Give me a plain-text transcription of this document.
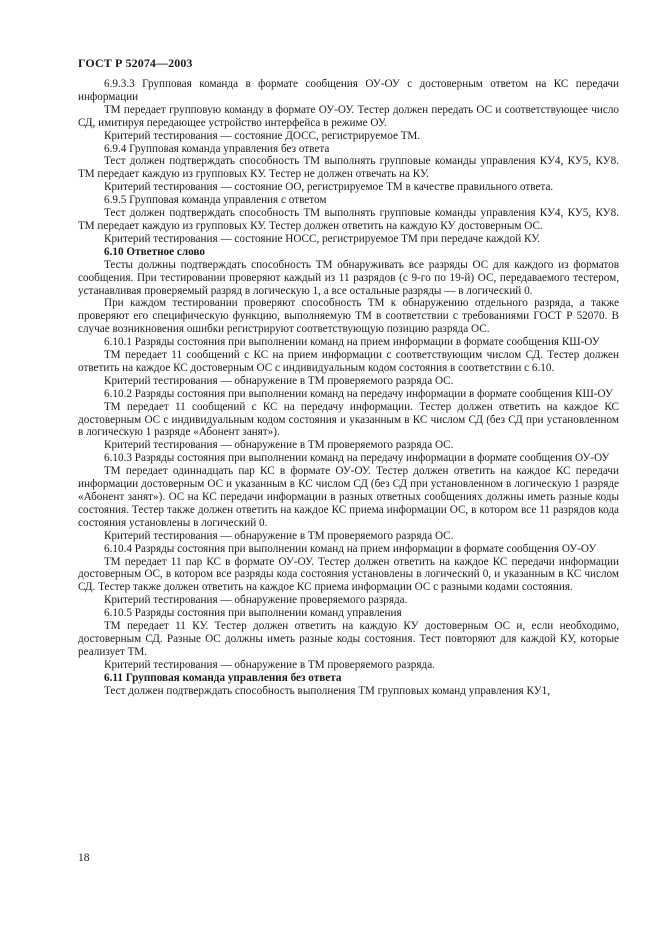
ГОСТ Р 52074—2003

6.9.3.3 Групповая команда в формате сообщения ОУ-ОУ с достоверным ответом на КС передачи информации

ТМ передает групповую команду в формате ОУ-ОУ. Тестер должен передать ОС и соответствующее число СД, имитируя передающее устройство интерфейса в режиме ОУ.

Критерий тестирования — состояние ДОСС, регистрируемое ТМ.

6.9.4 Групповая команда управления без ответа

Тест должен подтверждать способность ТМ выполнять групповые команды управления КУ4, КУ5, КУ8. ТМ передает каждую из групповых КУ. Тестер не должен отвечать на КУ.

Критерий тестирования — состояние ОО, регистрируемое ТМ в качестве правильного ответа.

6.9.5 Групповая команда управления с ответом

Тест должен подтверждать способность ТМ выполнять групповые команды управления КУ4, КУ5, КУ8. ТМ передает каждую из групповых КУ. Тестер должен ответить на каждую КУ достоверным ОС.

Критерий тестирования — состояние НОСС, регистрируемое ТМ при передаче каждой КУ.

6.10 Ответное слово

Тесты должны подтверждать способность ТМ обнаруживать все разряды ОС для каждого из форматов сообщения. При тестировании проверяют каждый из 11 разрядов (с 9-го по 19-й) ОС, передаваемого тестером, устанавливая проверяемый разряд в логическую 1, а все остальные разряды — в логический 0.

При каждом тестировании проверяют способность ТМ к обнаружению отдельного разряда, а также проверяют его специфическую функцию, выполняемую ТМ в соответствии с требованиями ГОСТ Р 52070. В случае возникновения ошибки регистрируют соответствующую позицию разряда ОС.

6.10.1 Разряды состояния при выполнении команд на прием информации в формате сообщения КШ-ОУ

ТМ передает 11 сообщений с КС на прием информации с соответствующим числом СД. Тестер должен ответить на каждое КС достоверным ОС с индивидуальным кодом состояния в соответствии с 6.10.

Критерий тестирования — обнаружение в ТМ проверяемого разряда ОС.

6.10.2 Разряды состояния при выполнении команд на передачу информации в формате сообщения КШ-ОУ

ТМ передает 11 сообщений с КС на передачу информации. Тестер должен ответить на каждое КС достоверным ОС с индивидуальным кодом состояния и указанным в КС числом СД (без СД при установленном в логическую 1 разряде «Абонент занят»).

Критерий тестирования — обнаружение в ТМ проверяемого разряда ОС.

6.10.3 Разряды состояния при выполнении команд на передачу информации в формате сообщения ОУ-ОУ

ТМ передает одиннадцать пар КС в формате ОУ-ОУ. Тестер должен ответить на каждое КС передачи информации достоверным ОС и указанным в КС числом СД (без СД при установленном в логическую 1 разряде «Абонент занят»). ОС на КС передачи информации в разных ответных сообщениях должны иметь разные коды состояния. Тестер также должен ответить на каждое КС приема информации ОС, в котором все 11 разрядов кода состояния установлены в логический 0.

Критерий тестирования — обнаружение в ТМ проверяемого разряда ОС.

6.10.4 Разряды состояния при выполнении команд на прием информации в формате сообщения ОУ-ОУ

ТМ передает 11 пар КС в формате ОУ-ОУ. Тестер должен ответить на каждое КС передачи информации достоверным ОС, в котором все разряды кода состояния установлены в логический 0, и указанным в КС числом СД. Тестер также должен ответить на каждое КС приема информации ОС с разными кодами состояния.

Критерий тестирования — обнаружение проверяемого разряда.

6.10.5 Разряды состояния при выполнении команд управления

ТМ передает 11 КУ. Тестер должен ответить на каждую КУ достоверным ОС и, если необходимо, достоверным СД. Разные ОС должны иметь разные коды состояния. Тест повторяют для каждой КУ, которые реализует ТМ.

Критерий тестирования — обнаружение в ТМ проверяемого разряда.

6.11 Групповая команда управления без ответа

Тест должен подтверждать способность выполнения ТМ групповых команд управления КУ1,

18
